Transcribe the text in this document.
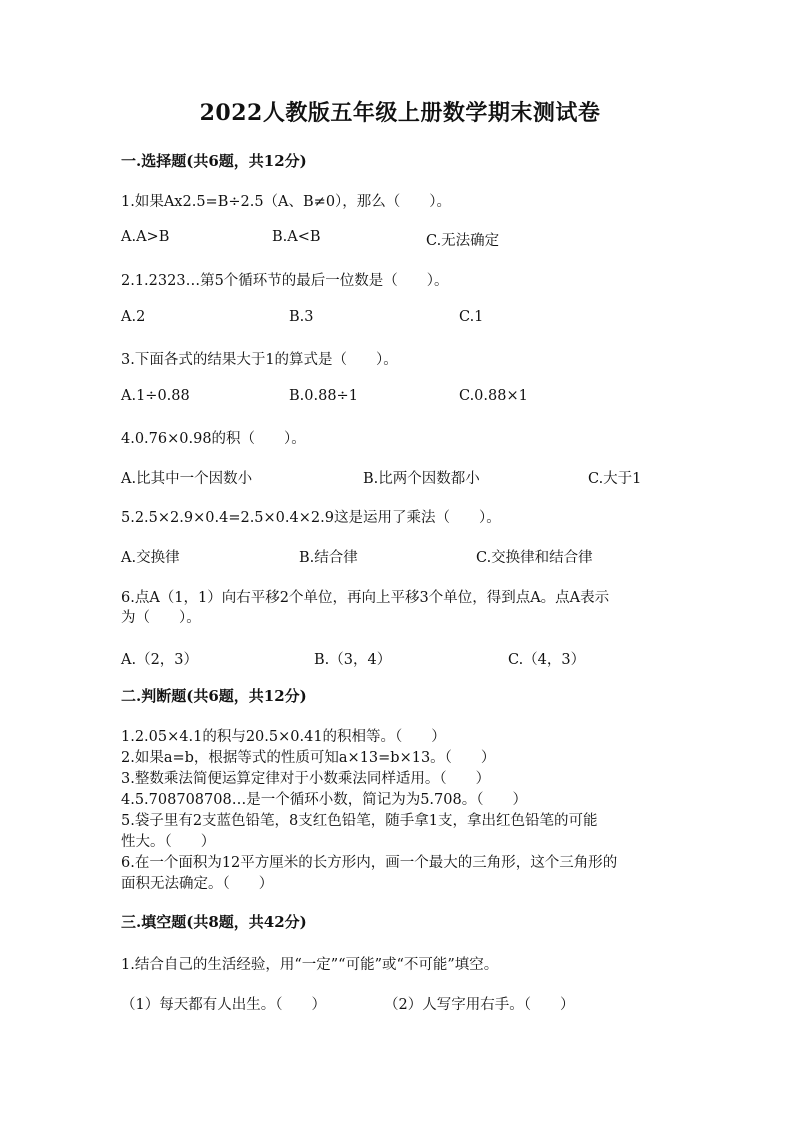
2022人教版五年级上册数学期末测试卷
一.选择题(共6题，共12分)
1.如果Ax2.5=B÷2.5（A、B≠0），那么（　　）。
A.A>B	B.A<B	C.无法确定
2.1.2323…第5个循环节的最后一位数是（　　）。
A.2	B.3	C.1
3.下面各式的结果大于1的算式是（　　）。
A.1÷0.88	B.0.88÷1	C.0.88×1
4.0.76×0.98的积（　　）。
A.比其中一个因数小	B.比两个因数都小	C.大于1
5.2.5×2.9×0.4=2.5×0.4×2.9这是运用了乘法（　　）。
A.交换律	B.结合律	C.交换律和结合律
6.点A（1，1）向右平移2个单位，再向上平移3个单位，得到点A。点A表示
为（　　）。
A.（2，3）	B.（3，4）	C.（4，3）
二.判断题(共6题，共12分)
1.2.05×4.1的积与20.5×0.41的积相等。（　　）
2.如果a=b，根据等式的性质可知a×13=b×13。（　　）
3.整数乘法简便运算定律对于小数乘法同样适用。（　　）
4.5.708708708…是一个循环小数，简记为为5.708。（　　）
5.袋子里有2支蓝色铅笔，8支红色铅笔，随手拿1支，拿出红色铅笔的可能
性大。（　　）
6.在一个面积为12平方厘米的长方形内，画一个最大的三角形，这个三角形的
面积无法确定。（　　）
三.填空题(共8题，共42分)
1.结合自己的生活经验，用“一定”“可能”或“不可能”填空。
（1）每天都有人出生。（　　）	（2）人写字用右手。（　　）
